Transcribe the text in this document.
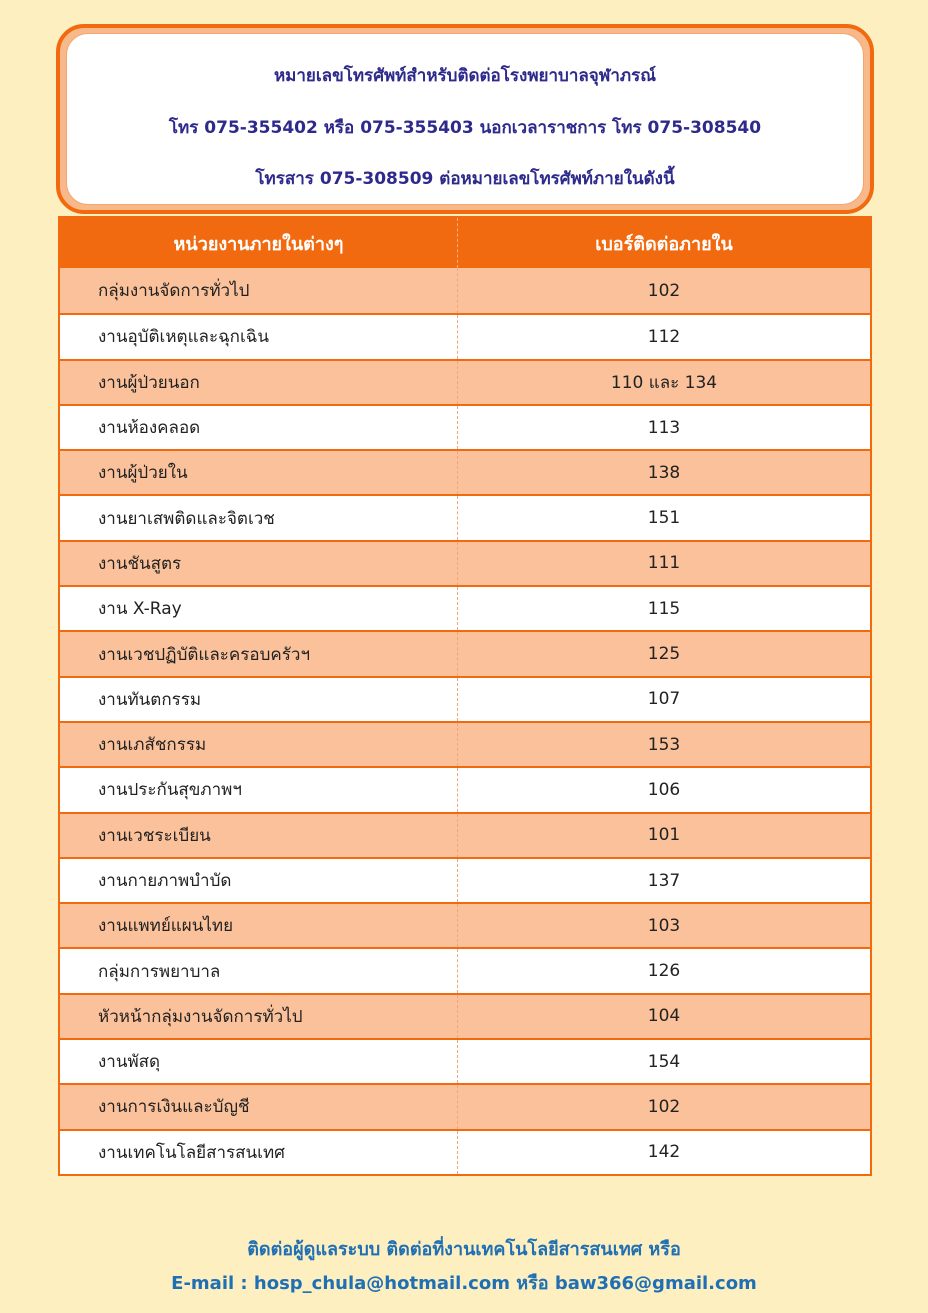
หมายเลขโทรศัพท์สำหรับติดต่อโรงพยาบาลจุฬาภรณ์
โทร 075-355402 หรือ 075-355403 นอกเวลาราชการ โทร 075-308540
โทรสาร 075-308509 ต่อหมายเลขโทรศัพท์ภายในดังนี้
หน่วยงานภายในต่างๆ	เบอร์ติดต่อภายใน
กลุ่มงานจัดการทั่วไป	102
งานอุบัติเหตุและฉุกเฉิน	112
งานผู้ป่วยนอก	110 และ 134
งานห้องคลอด	113
งานผู้ป่วยใน	138
งานยาเสพติดและจิตเวช	151
งานชันสูตร	111
งาน X-Ray	115
งานเวชปฏิบัติและครอบครัวฯ	125
งานทันตกรรม	107
งานเภสัชกรรม	153
งานประกันสุขภาพฯ	106
งานเวชระเบียน	101
งานกายภาพบำบัด	137
งานแพทย์แผนไทย	103
กลุ่มการพยาบาล	126
หัวหน้ากลุ่มงานจัดการทั่วไป	104
งานพัสดุ	154
งานการเงินและบัญชี	102
งานเทคโนโลยีสารสนเทศ	142
ติดต่อผู้ดูแลระบบ ติดต่อที่งานเทคโนโลยีสารสนเทศ หรือ
E-mail : hosp_chula@hotmail.com หรือ baw366@gmail.com
